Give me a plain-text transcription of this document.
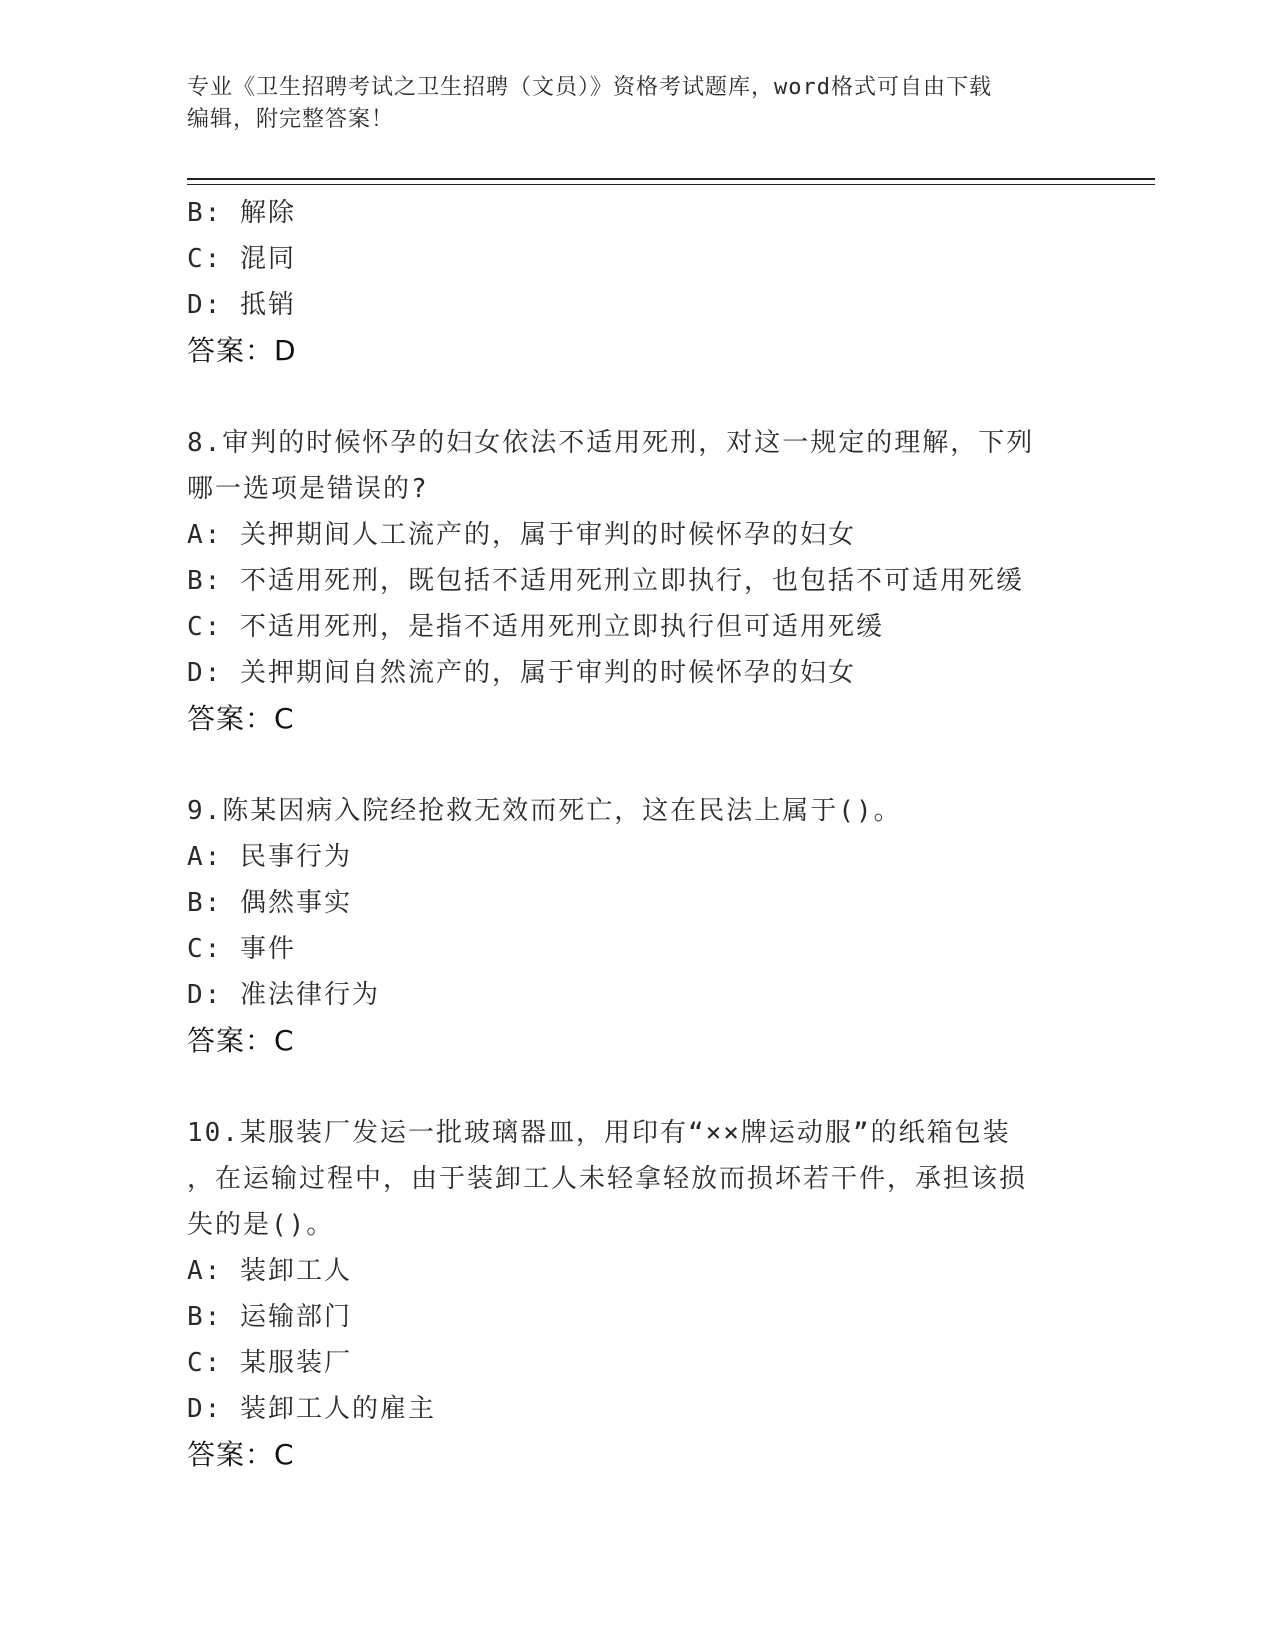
专业《卫生招聘考试之卫生招聘（文员）》资格考试题库，word格式可自由下载
编辑，附完整答案！
B: 解除
C: 混同
D: 抵销
答案：D
8.审判的时候怀孕的妇女依法不适用死刑，对这一规定的理解，下列
哪一选项是错误的?
A: 关押期间人工流产的，属于审判的时候怀孕的妇女
B: 不适用死刑，既包括不适用死刑立即执行，也包括不可适用死缓
C: 不适用死刑，是指不适用死刑立即执行但可适用死缓
D: 关押期间自然流产的，属于审判的时候怀孕的妇女
答案：C
9.陈某因病入院经抢救无效而死亡，这在民法上属于()。
A: 民事行为
B: 偶然事实
C: 事件
D: 准法律行为
答案：C
10.某服装厂发运一批玻璃器皿，用印有“××牌运动服”的纸箱包装
，在运输过程中，由于装卸工人未轻拿轻放而损坏若干件，承担该损
失的是()。
A: 装卸工人
B: 运输部门
C: 某服装厂
D: 装卸工人的雇主
答案：C
